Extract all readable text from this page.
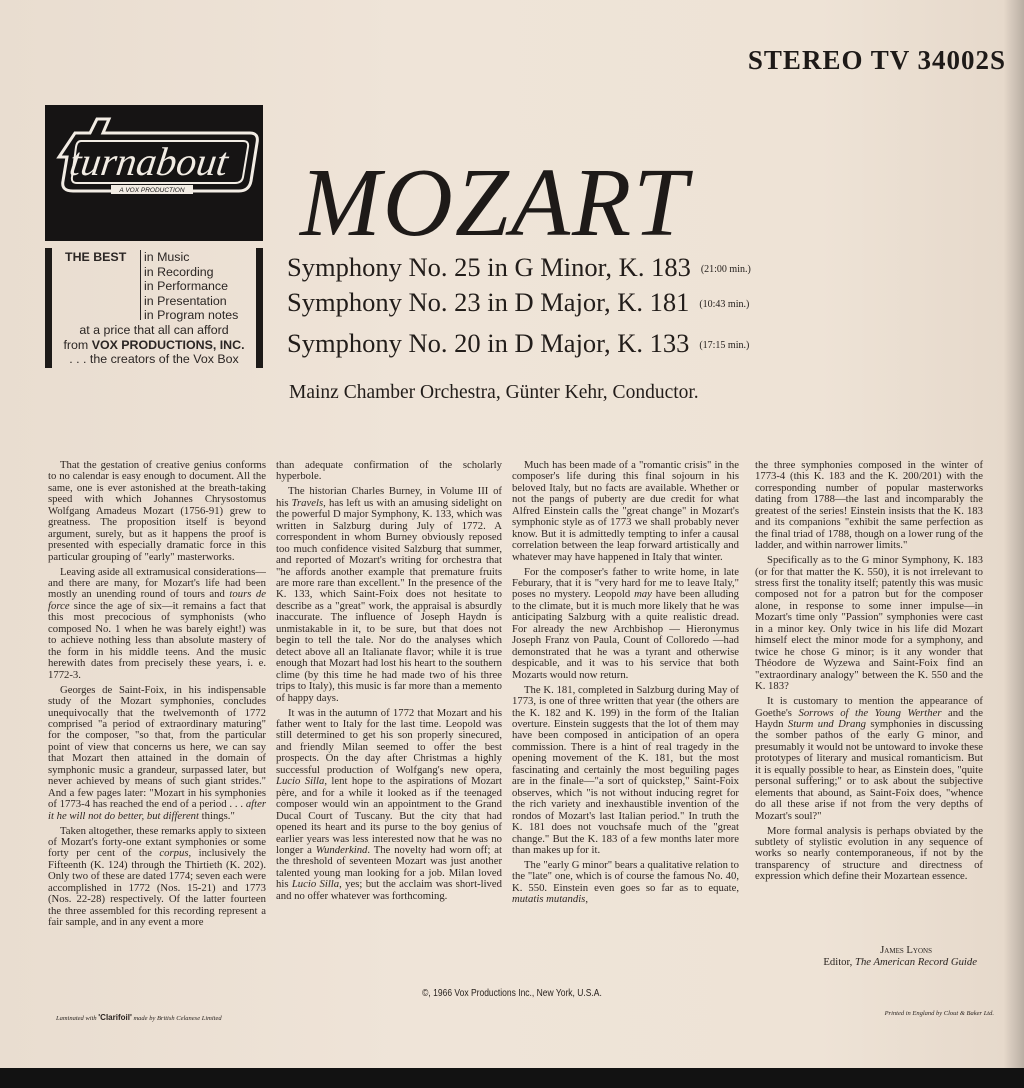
STEREO TV 34002S
turnabout
A VOX PRODUCTION
THE BEST in Music
in Recording
in Performance
in Presentation
in Program notes
at a price that all can afford
from VOX PRODUCTIONS, INC.
. . . the creators of the Vox Box
MOZART
Symphony No. 25 in G Minor, K. 183 (21:00 min.)
Symphony No. 23 in D Major, K. 181 (10:43 min.)
Symphony No. 20 in D Major, K. 133 (17:15 min.)
Mainz Chamber Orchestra, Günter Kehr, Conductor.

That the gestation of creative genius conforms to no calendar is easy enough to document. All the same, one is ever astonished at the breath-taking speed with which Johannes Chrysostomus Wolfgang Amadeus Mozart (1756-91) grew to greatness. The proposition itself is beyond argument, surely, but as it happens the proof is presented with especially dramatic force in this particular grouping of "early" masterworks.

Leaving aside all extramusical considerations—and there are many, for Mozart's life had been mostly an unending round of tours and tours de force since the age of six—it remains a fact that this most precocious of symphonists (who composed No. 1 when he was barely eight!) was to achieve nothing less than absolute mastery of the form in his middle teens. And the music herewith dates from precisely these years, i. e. 1772-3.

Georges de Saint-Foix, in his indispensable study of the Mozart symphonies, concludes unequivocally that the twelvemonth of 1772 comprised "a period of extraordinary maturing" for the composer, "so that, from the particular point of view that concerns us here, we can say that Mozart then attained in the domain of symphonic music a grandeur, surpassed later, but never achieved by means of such giant strides." And a few pages later: "Mozart in his symphonies of 1773-4 has reached the end of a period . . . after it he will not do better, but different things."

Taken altogether, these remarks apply to sixteen of Mozart's forty-one extant symphonies or some forty per cent of the corpus, inclusively the Fifteenth (K. 124) through the Thirtieth (K. 202). Only two of these are dated 1774; seven each were accomplished in 1772 (Nos. 15-21) and 1773 (Nos. 22-28) respectively. Of the latter fourteen the three assembled for this recording represent a fair sample, and in any event a more

than adequate confirmation of the scholarly hyperbole.

The historian Charles Burney, in Volume III of his Travels, has left us with an amusing sidelight on the powerful D major Symphony, K. 133, which was written in Salzburg during July of 1772. A correspondent in whom Burney obviously reposed too much confidence visited Salzburg that summer, and reported of Mozart's writing for orchestra that "he affords another example that premature fruits are more rare than excellent." In the presence of the K. 133, which Saint-Foix does not hesitate to describe as a "great" work, the appraisal is absurdly inaccurate. The influence of Joseph Haydn is unmistakable in it, to be sure, but that does not begin to tell the tale. Nor do the analyses which detect above all an Italianate flavor; while it is true enough that Mozart had lost his heart to the southern clime (by this time he had made two of his three trips to Italy), this music is far more than a memento of happy days.

It was in the autumn of 1772 that Mozart and his father went to Italy for the last time. Leopold was still determined to get his son properly sinecured, and friendly Milan seemed to offer the best prospects. On the day after Christmas a highly successful production of Wolfgang's new opera, Lucio Silla, lent hope to the aspirations of Mozart père, and for a while it looked as if the teenaged composer would win an appointment to the Grand Ducal Court of Tuscany. But the city that had opened its heart and its purse to the boy genius of earlier years was less interested now that he was no longer a Wunderkind. The novelty had worn off; at the threshold of seventeen Mozart was just another talented young man looking for a job. Milan loved his Lucio Silla, yes; but the acclaim was short-lived and no offer whatever was forthcoming.

Much has been made of a "romantic crisis" in the composer's life during this final sojourn in his beloved Italy, but no facts are available. Whether or not the pangs of puberty are due credit for what Alfred Einstein calls the "great change" in Mozart's symphonic style as of 1773 we shall probably never know. But it is admittedly tempting to infer a causal correlation between the leap forward artistically and whatever may have happened in Italy that winter.

For the composer's father to write home, in late Feburary, that it is "very hard for me to leave Italy," poses no mystery. Leopold may have been alluding to the climate, but it is much more likely that he was anticipating Salzburg with a quite realistic dread. For already the new Archbishop — Hieronymus Joseph Franz von Paula, Count of Colloredo —had demonstrated that he was a tyrant and otherwise despicable, and it was to his service that both Mozarts would now return.

The K. 181, completed in Salzburg during May of 1773, is one of three written that year (the others are the K. 182 and K. 199) in the form of the Italian overture. Einstein suggests that the lot of them may have been composed in anticipation of an opera commission. There is a hint of real tragedy in the opening movement of the K. 181, but the most fascinating and certainly the most beguiling pages are in the finale—"a sort of quickstep," Saint-Foix observes, which "is not without inducing regret for the rich variety and inexhaustible invention of the rondos of Mozart's last Italian period." In truth the K. 181 does not vouchsafe much of the "great change." But the K. 183 of a few months later more than makes up for it.

The "early G minor" bears a qualitative relation to the "late" one, which is of course the famous No. 40, K. 550. Einstein even goes so far as to equate, mutatis mutandis,

the three symphonies composed in the winter of 1773-4 (this K. 183 and the K. 200/201) with the corresponding number of popular masterworks dating from 1788—the last and incomparably the greatest of the series! Einstein insists that the K. 183 and its companions "exhibit the same perfection as the final triad of 1788, though on a lower rung of the ladder, and within narrower limits."

Specifically as to the G minor Symphony, K. 183 (or for that matter the K. 550), it is not irrelevant to stress first the tonality itself; patently this was music composed not for a patron but for the composer alone, in response to some inner impulse—in Mozart's time only "Passion" symphonies were cast in a minor key. Only twice in his life did Mozart himself elect the minor mode for a symphony, and twice he chose G minor; is it any wonder that Théodore de Wyzewa and Saint-Foix find an "extraordinary analogy" between the K. 550 and the K. 183?

It is customary to mention the appearance of Goethe's Sorrows of the Young Werther and the Haydn Sturm und Drang symphonies in discussing the somber pathos of the early G minor, and presumably it would not be untoward to invoke these prototypes of literary and musical romanticism. But it is equally possible to hear, as Einstein does, "quite personal suffering;" or to ask about the subjective elements that abound, as Saint-Foix does, "whence do all these arise if not from the very depths of Mozart's soul?"

More formal analysis is perhaps obviated by the subtlety of stylistic evolution in any sequence of works so nearly contemporaneous, if not by the transparency of structure and directness of expression which define their Mozartean essence.

James Lyons
Editor, The American Record Guide
©, 1966 Vox Productions Inc., New York, U.S.A.
Laminated with 'Clarifoil' made by British Celanese Limited
Printed in England by Clout & Baker Ltd.
